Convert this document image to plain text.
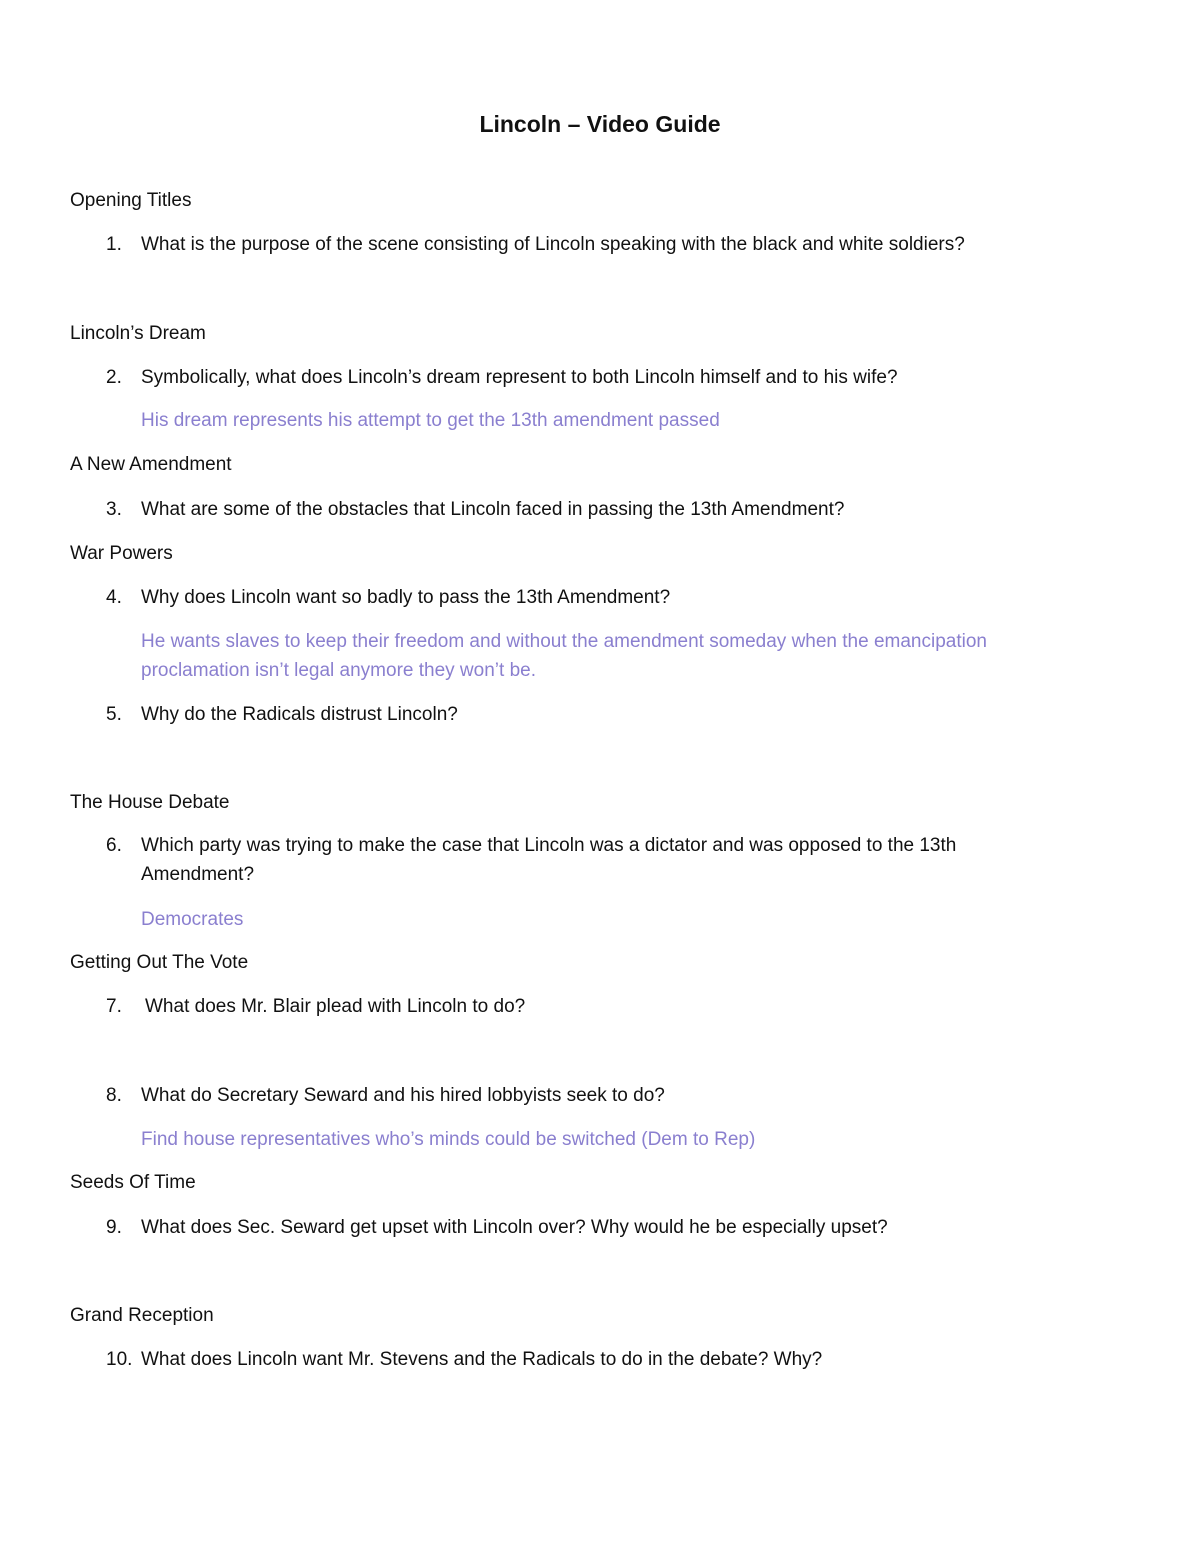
Lincoln – Video Guide
Opening Titles
1. What is the purpose of the scene consisting of Lincoln speaking with the black and white soldiers?
Lincoln’s Dream
2. Symbolically, what does Lincoln’s dream represent to both Lincoln himself and to his wife?
His dream represents his attempt to get the 13th amendment passed
A New Amendment
3. What are some of the obstacles that Lincoln faced in passing the 13th Amendment?
War Powers
4. Why does Lincoln want so badly to pass the 13th Amendment?
He wants slaves to keep their freedom and without the amendment someday when the emancipation proclamation isn’t legal anymore they won’t be.
5. Why do the Radicals distrust Lincoln?
The House Debate
6. Which party was trying to make the case that Lincoln was a dictator and was opposed to the 13th Amendment?
Democrates
Getting Out The Vote
7. What does Mr. Blair plead with Lincoln to do?
8. What do Secretary Seward and his hired lobbyists seek to do?
Find house representatives who’s minds could be switched (Dem to Rep)
Seeds Of Time
9. What does Sec. Seward get upset with Lincoln over? Why would he be especially upset?
Grand Reception
10. What does Lincoln want Mr. Stevens and the Radicals to do in the debate? Why?
